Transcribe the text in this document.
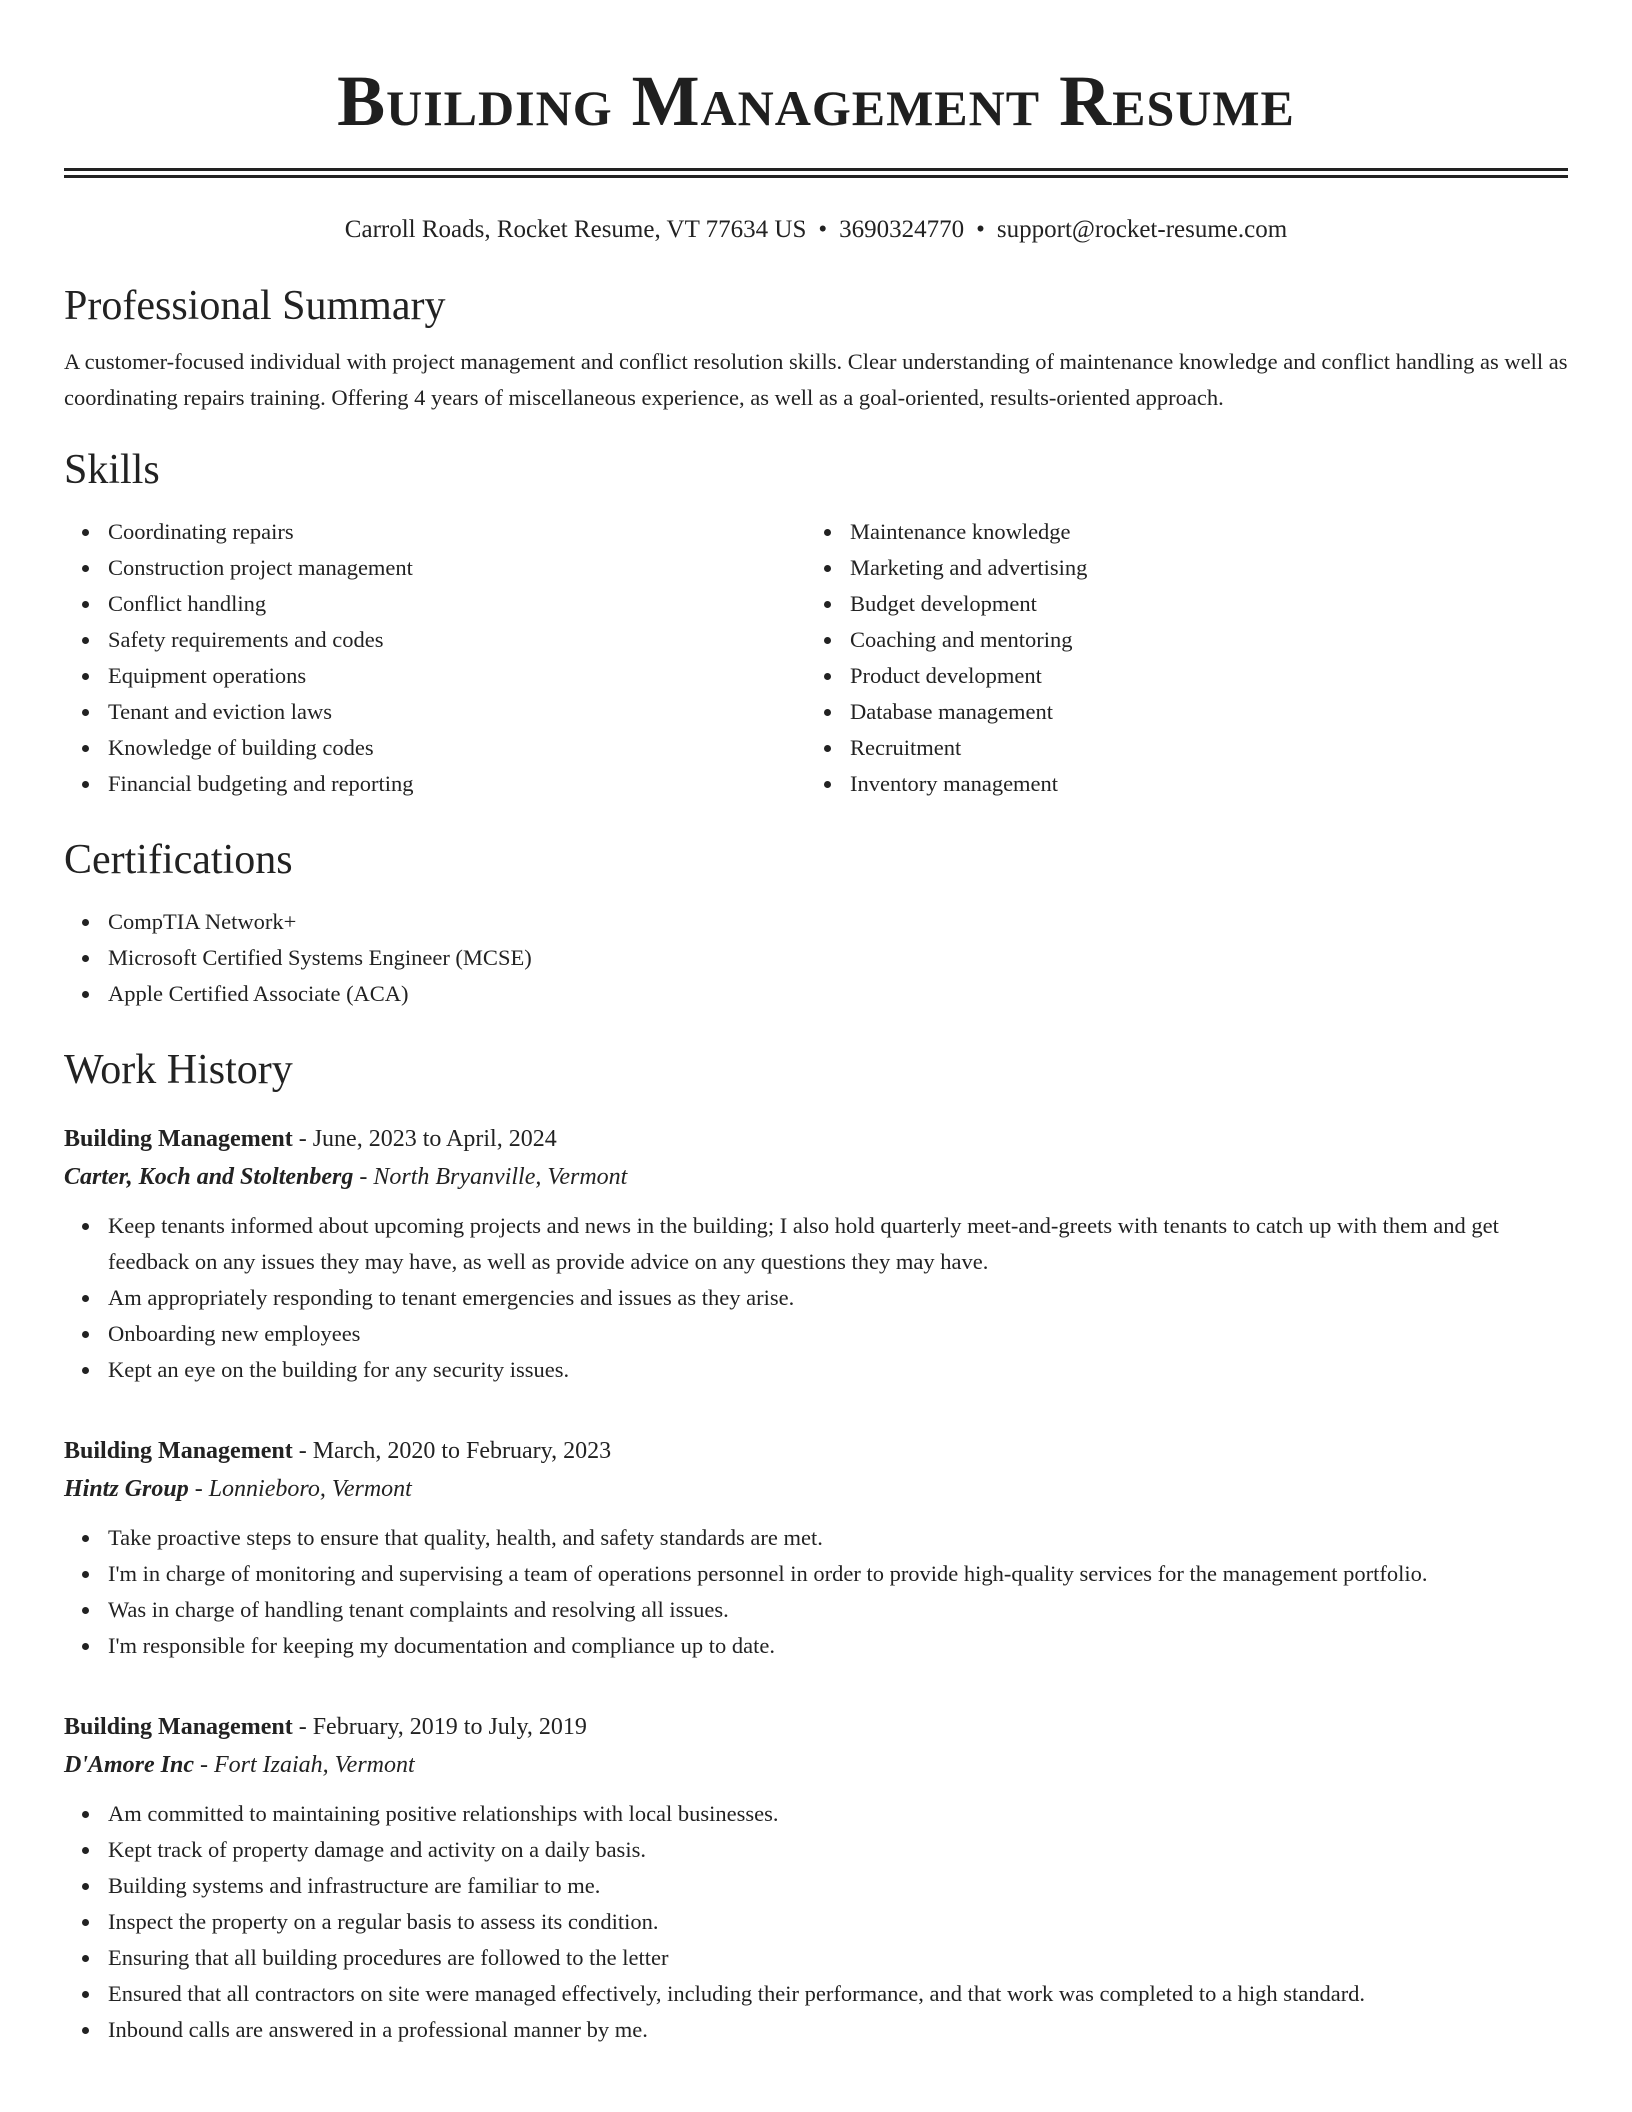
Building Management Resume
Carroll Roads, Rocket Resume, VT 77634 US • 3690324770 • support@rocket-resume.com
Professional Summary

A customer-focused individual with project management and conflict resolution skills. Clear understanding of maintenance knowledge and conflict handling as well as coordinating repairs training. Offering 4 years of miscellaneous experience, as well as a goal-oriented, results-oriented approach.

Skills
Coordinating repairs
Construction project management
Conflict handling
Safety requirements and codes
Equipment operations
Tenant and eviction laws
Knowledge of building codes
Financial budgeting and reporting
Maintenance knowledge
Marketing and advertising
Budget development
Coaching and mentoring
Product development
Database management
Recruitment
Inventory management
Certifications
CompTIA Network+
Microsoft Certified Systems Engineer (MCSE)
Apple Certified Associate (ACA)
Work History
Building Management - June, 2023 to April, 2024
Carter, Koch and Stoltenberg - North Bryanville, Vermont
Keep tenants informed about upcoming projects and news in the building; I also hold quarterly meet-and-greets with tenants to catch up with them and get feedback on any issues they may have, as well as provide advice on any questions they may have.
Am appropriately responding to tenant emergencies and issues as they arise.
Onboarding new employees
Kept an eye on the building for any security issues.
Building Management - March, 2020 to February, 2023
Hintz Group - Lonnieboro, Vermont
Take proactive steps to ensure that quality, health, and safety standards are met.
I'm in charge of monitoring and supervising a team of operations personnel in order to provide high-quality services for the management portfolio.
Was in charge of handling tenant complaints and resolving all issues.
I'm responsible for keeping my documentation and compliance up to date.
Building Management - February, 2019 to July, 2019
D'Amore Inc - Fort Izaiah, Vermont
Am committed to maintaining positive relationships with local businesses.
Kept track of property damage and activity on a daily basis.
Building systems and infrastructure are familiar to me.
Inspect the property on a regular basis to assess its condition.
Ensuring that all building procedures are followed to the letter
Ensured that all contractors on site were managed effectively, including their performance, and that work was completed to a high standard.
Inbound calls are answered in a professional manner by me.
